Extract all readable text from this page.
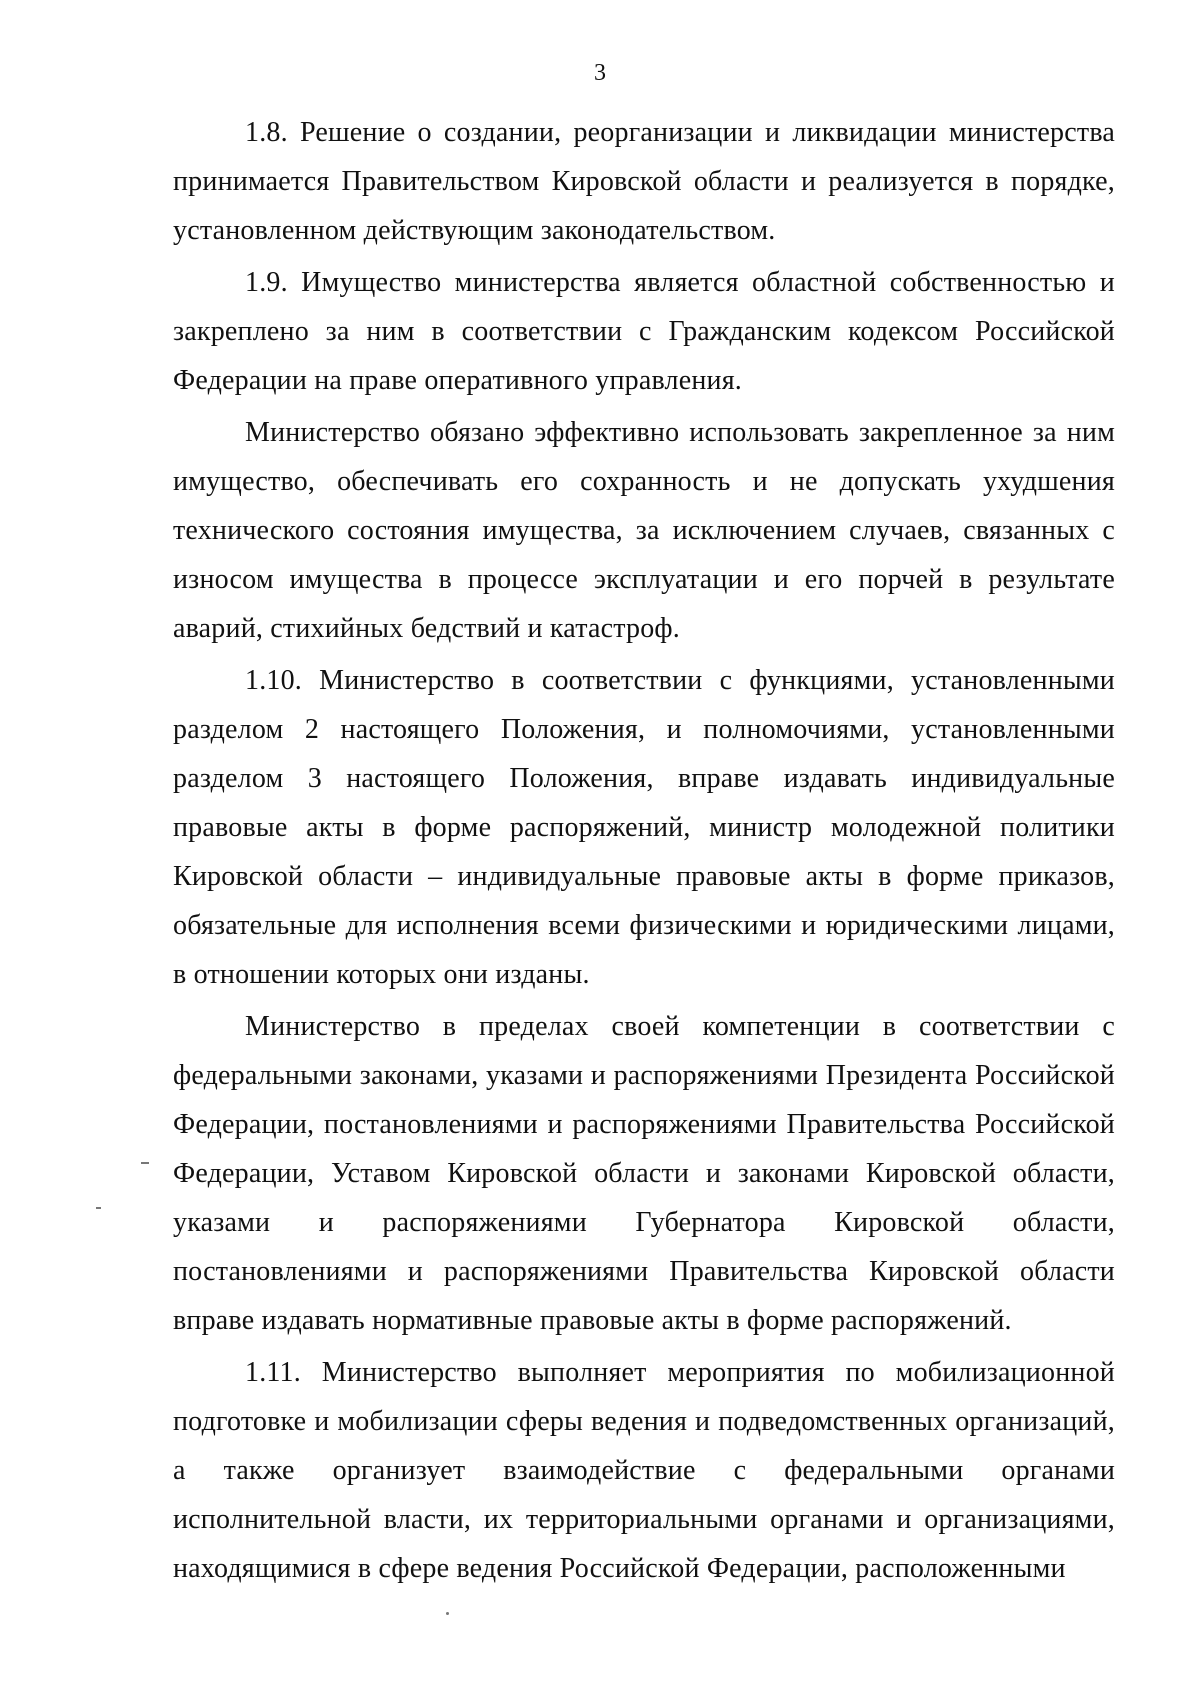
3

1.8. Решение о создании, реорганизации и ликвидации министерства принимается Правительством Кировской области и реализуется в порядке, установленном действующим законодательством.

1.9. Имущество министерства является областной собственностью и закреплено за ним в соответствии с Гражданским кодексом Российской Федерации на праве оперативного управления.

Министерство обязано эффективно использовать закрепленное за ним имущество, обеспечивать его сохранность и не допускать ухудшения технического состояния имущества, за исключением случаев, связанных с износом имущества в процессе эксплуатации и его порчей в результате аварий, стихийных бедствий и катастроф.

1.10. Министерство в соответствии с функциями, установленными разделом 2 настоящего Положения, и полномочиями, установленными разделом 3 настоящего Положения, вправе издавать индивидуальные правовые акты в форме распоряжений, министр молодежной политики Кировской области – индивидуальные правовые акты в форме приказов, обязательные для исполнения всеми физическими и юридическими лицами, в отношении которых они изданы.

Министерство в пределах своей компетенции в соответствии с федеральными законами, указами и распоряжениями Президента Российской Федерации, постановлениями и распоряжениями Правительства Российской Федерации, Уставом Кировской области и законами Кировской области, указами и распоряжениями Губернатора Кировской области, постановлениями и распоряжениями Правительства Кировской области вправе издавать нормативные правовые акты в форме распоряжений.

1.11. Министерство выполняет мероприятия по мобилизационной подготовке и мобилизации сферы ведения и подведомственных организаций, а также организует взаимодействие с федеральными органами исполнительной власти, их территориальными органами и организациями, находящимися в сфере ведения Российской Федерации, расположенными
